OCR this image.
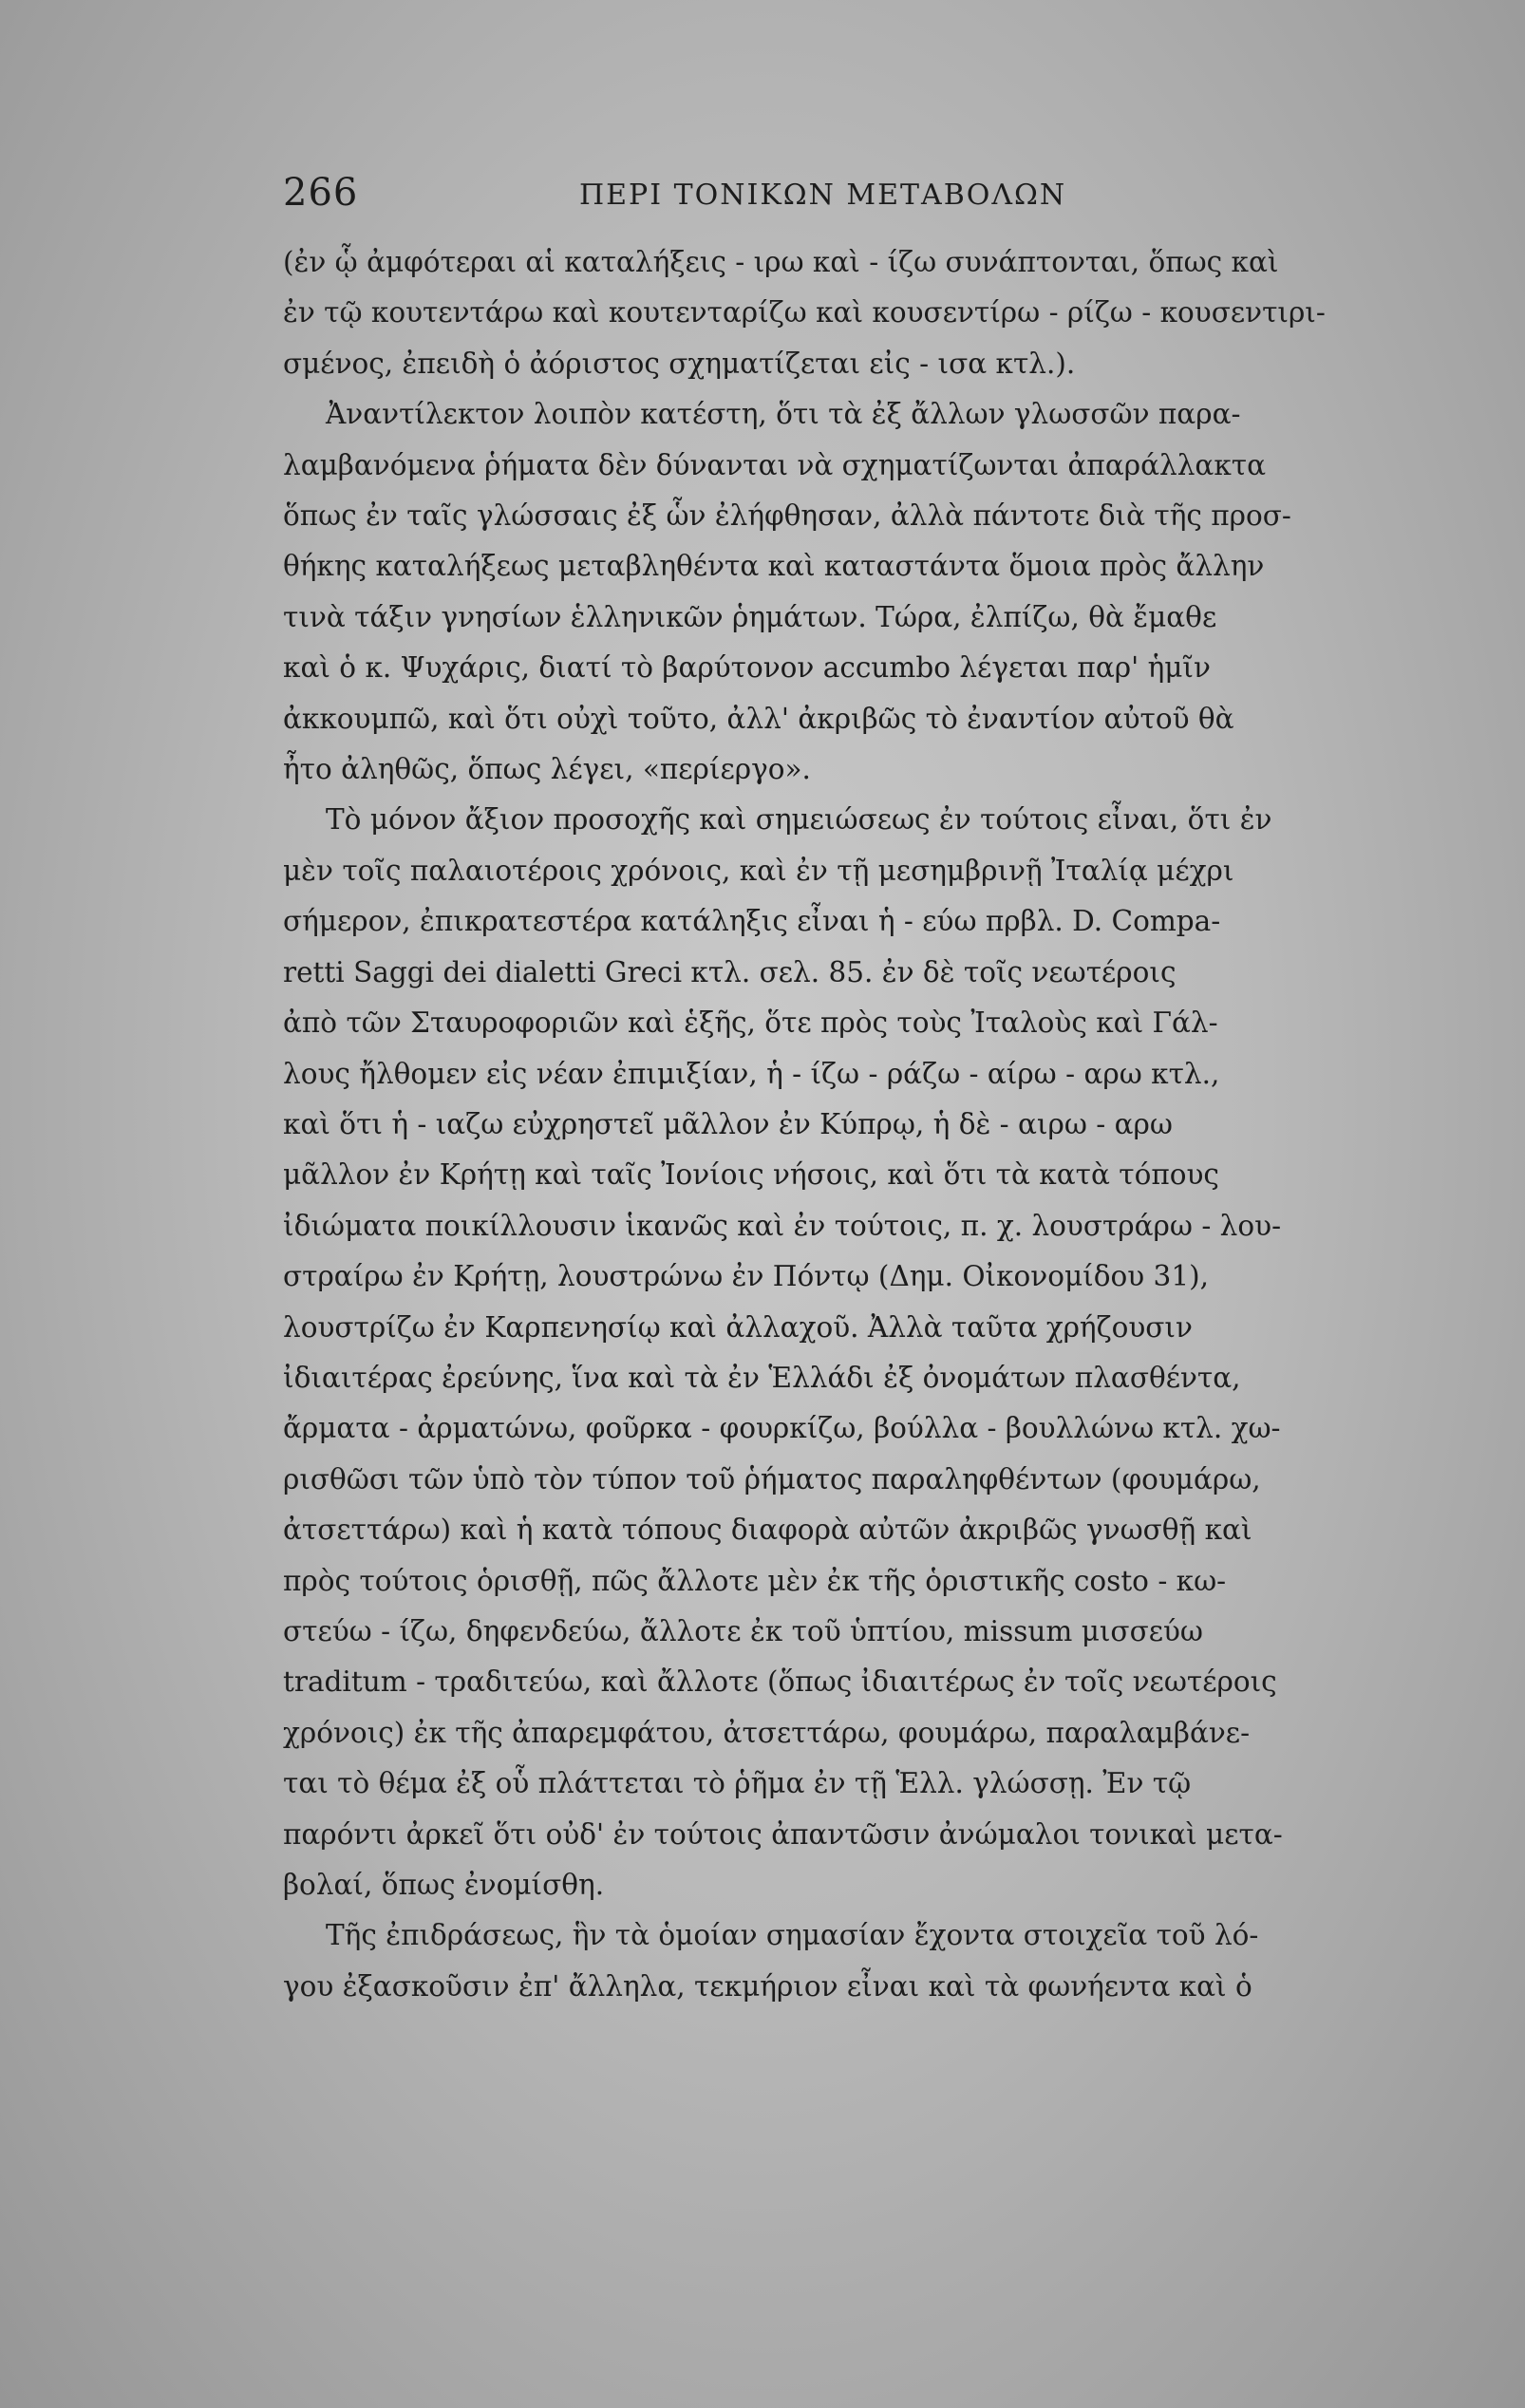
266	ΠΕΡΙ ΤΟΝΙΚΩΝ ΜΕΤΑΒΟΛΩΝ
(ἐν ᾧ ἀμφότεραι αἱ καταλήξεις - ιρω καὶ - ίζω συνάπτονται, ὅπως καὶ
ἐν τῷ κουτεντάρω καὶ κουτενταρίζω καὶ κουσεντίρω - ρίζω - κουσεντιρι-
σμένος, ἐπειδὴ ὁ ἀόριστος σχηματίζεται εἰς - ισα κτλ.).
Ἀναντίλεκτον λοιπὸν κατέστη, ὅτι τὰ ἐξ ἄλλων γλωσσῶν παρα-
λαμβανόμενα ῥήματα δὲν δύνανται νὰ σχηματίζωνται ἀπαράλλακτα
ὅπως ἐν ταῖς γλώσσαις ἐξ ὧν ἐλήφθησαν, ἀλλὰ πάντοτε διὰ τῆς προσ-
θήκης καταλήξεως μεταβληθέντα καὶ καταστάντα ὅμοια πρὸς ἄλλην
τινὰ τάξιν γνησίων ἑλληνικῶν ῥημάτων. Τώρα, ἐλπίζω, θὰ ἔμαθε
καὶ ὁ κ. Ψυχάρις, διατί τὸ βαρύτονον accumbo λέγεται παρ' ἡμῖν
ἀκκουμπῶ, καὶ ὅτι οὐχὶ τοῦτο, ἀλλ' ἀκριβῶς τὸ ἐναντίον αὐτοῦ θὰ
ἦτο ἀληθῶς, ὅπως λέγει, «περίεργο».
Τὸ μόνον ἄξιον προσοχῆς καὶ σημειώσεως ἐν τούτοις εἶναι, ὅτι ἐν
μὲν τοῖς παλαιοτέροις χρόνοις, καὶ ἐν τῇ μεσημβρινῇ Ἰταλίᾳ μέχρι
σήμερον, ἐπικρατεστέρα κατάληξις εἶναι ἡ - εύω πρβλ. D. Compa-
retti Saggi dei dialetti Greci κτλ. σελ. 85. ἐν δὲ τοῖς νεωτέροις
ἀπὸ τῶν Σταυροφοριῶν καὶ ἑξῆς, ὅτε πρὸς τοὺς Ἰταλοὺς καὶ Γάλ-
λους ἤλθομεν εἰς νέαν ἐπιμιξίαν, ἡ - ίζω - ράζω - αίρω - αρω κτλ.,
καὶ ὅτι ἡ - ιαζω εὐχρηστεῖ μᾶλλον ἐν Κύπρῳ, ἡ δὲ - αιρω - αρω
μᾶλλον ἐν Κρήτῃ καὶ ταῖς Ἰονίοις νήσοις, καὶ ὅτι τὰ κατὰ τόπους
ἰδιώματα ποικίλλουσιν ἱκανῶς καὶ ἐν τούτοις, π. χ. λουστράρω - λου-
στραίρω ἐν Κρήτῃ, λουστρώνω ἐν Πόντῳ (Δημ. Οἰκονομίδου 31),
λουστρίζω ἐν Καρπενησίῳ καὶ ἀλλαχοῦ. Ἀλλὰ ταῦτα χρήζουσιν
ἰδιαιτέρας ἐρεύνης, ἵνα καὶ τὰ ἐν Ἑλλάδι ἐξ ὀνομάτων πλασθέντα,
ἄρματα - ἀρματώνω, φοῦρκα - φουρκίζω, βούλλα - βουλλώνω κτλ. χω-
ρισθῶσι τῶν ὑπὸ τὸν τύπον τοῦ ῥήματος παραληφθέντων (φουμάρω,
ἀτσεττάρω) καὶ ἡ κατὰ τόπους διαφορὰ αὐτῶν ἀκριβῶς γνωσθῇ καὶ
πρὸς τούτοις ὁρισθῇ, πῶς ἄλλοτε μὲν ἐκ τῆς ὁριστικῆς costo - κω-
στεύω - ίζω, δηφενδεύω, ἄλλοτε ἐκ τοῦ ὑπτίου, missum μισσεύω
traditum - τραδιτεύω, καὶ ἄλλοτε (ὅπως ἰδιαιτέρως ἐν τοῖς νεωτέροις
χρόνοις) ἐκ τῆς ἀπαρεμφάτου, ἀτσεττάρω, φουμάρω, παραλαμβάνε-
ται τὸ θέμα ἐξ οὗ πλάττεται τὸ ῥῆμα ἐν τῇ Ἑλλ. γλώσσῃ. Ἐν τῷ
παρόντι ἀρκεῖ ὅτι οὐδ' ἐν τούτοις ἀπαντῶσιν ἀνώμαλοι τονικαὶ μετα-
βολαί, ὅπως ἐνομίσθη.
Τῆς ἐπιδράσεως, ἣν τὰ ὁμοίαν σημασίαν ἔχοντα στοιχεῖα τοῦ λό-
γου ἐξασκοῦσιν ἐπ' ἄλληλα, τεκμήριον εἶναι καὶ τὰ φωνήεντα καὶ ὁ
